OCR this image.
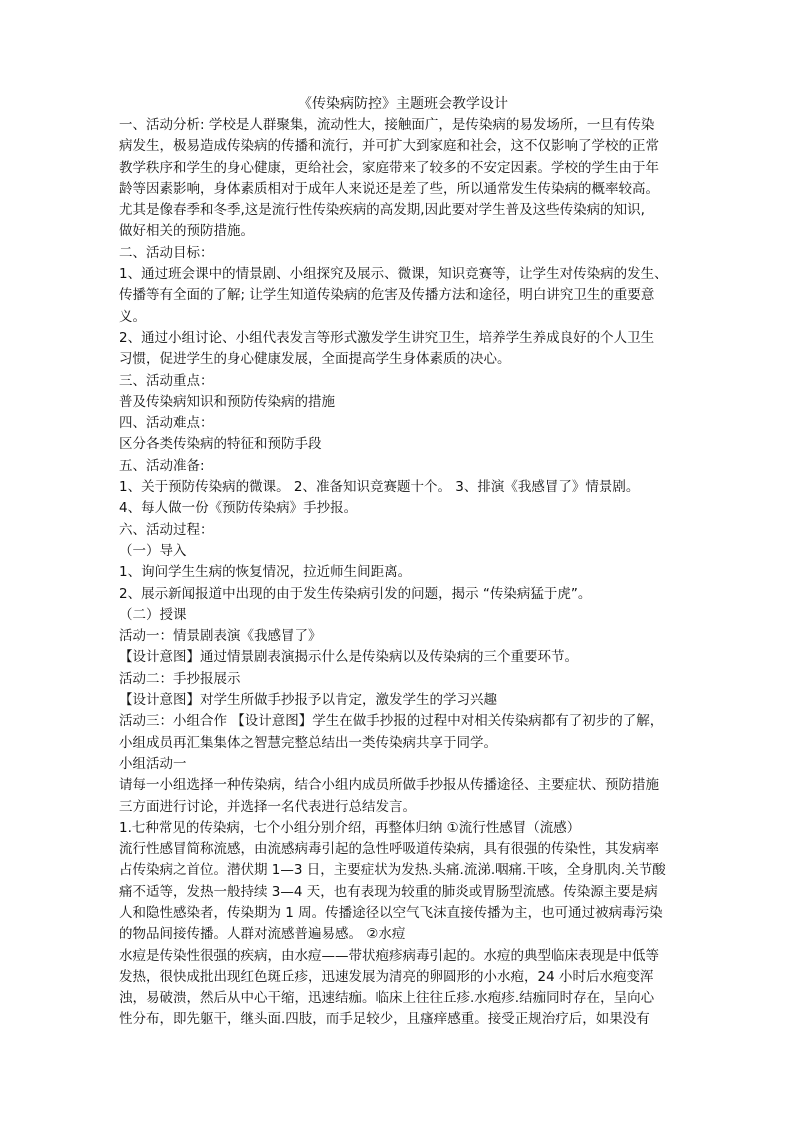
《传染病防控》主题班会教学设计
一、活动分析: 学校是人群聚集，流动性大，接触面广，是传染病的易发场所，一旦有传染
病发生，极易造成传染病的传播和流行，并可扩大到家庭和社会，这不仅影响了学校的正常
教学秩序和学生的身心健康，更给社会，家庭带来了较多的不安定因素。学校的学生由于年
龄等因素影响，身体素质相对于成年人来说还是差了些，所以通常发生传染病的概率较高。
尤其是像春季和冬季,这是流行性传染疾病的高发期,因此要对学生普及这些传染病的知识,
做好相关的预防措施。
二、活动目标：
1、通过班会课中的情景剧、小组探究及展示、微课，知识竞赛等，让学生对传染病的发生、
传播等有全面的了解; 让学生知道传染病的危害及传播方法和途径，明白讲究卫生的重要意
义。
2、通过小组讨论、小组代表发言等形式激发学生讲究卫生，培养学生养成良好的个人卫生
习惯，促进学生的身心健康发展，全面提高学生身体素质的决心。
三、活动重点：
普及传染病知识和预防传染病的措施
四、活动难点：
区分各类传染病的特征和预防手段
五、活动准备:
1、关于预防传染病的微课。 2、准备知识竞赛题十个。 3、排演《我感冒了》情景剧。
4、每人做一份《预防传染病》手抄报。
六、活动过程：
（一）导入
1、询问学生生病的恢复情况，拉近师生间距离。
2、展示新闻报道中出现的由于发生传染病引发的问题，揭示 “传染病猛于虎”。
（二）授课
活动一：情景剧表演《我感冒了》
【设计意图】通过情景剧表演揭示什么是传染病以及传染病的三个重要环节。
活动二：手抄报展示
【设计意图】对学生所做手抄报予以肯定，激发学生的学习兴趣
活动三：小组合作 【设计意图】学生在做手抄报的过程中对相关传染病都有了初步的了解，
小组成员再汇集集体之智慧完整总结出一类传染病共享于同学。
小组活动一
请每一小组选择一种传染病，结合小组内成员所做手抄报从传播途径、主要症状、预防措施
三方面进行讨论，并选择一名代表进行总结发言。
1.七种常见的传染病，七个小组分别介绍，再整体归纳 ①流行性感冒（流感）
流行性感冒简称流感，由流感病毒引起的急性呼吸道传染病，具有很强的传染性，其发病率
占传染病之首位。潜伏期 1—3 日，主要症状为发热.头痛.流涕.咽痛.干咳，全身肌肉.关节酸
痛不适等，发热一般持续 3—4 天，也有表现为较重的肺炎或胃肠型流感。传染源主要是病
人和隐性感染者，传染期为 1 周。传播途径以空气飞沫直接传播为主，也可通过被病毒污染
的物品间接传播。人群对流感普遍易感。 ②水痘
水痘是传染性很强的疾病，由水痘——带状疱疹病毒引起的。水痘的典型临床表现是中低等
发热，很快成批出现红色斑丘疹，迅速发展为清亮的卵圆形的小水疱，24 小时后水疱变浑
浊，易破溃，然后从中心干缩，迅速结痂。临床上往往丘疹.水疱疹.结痂同时存在，呈向心
性分布，即先躯干，继头面.四肢，而手足较少，且瘙痒感重。接受正规治疗后，如果没有
